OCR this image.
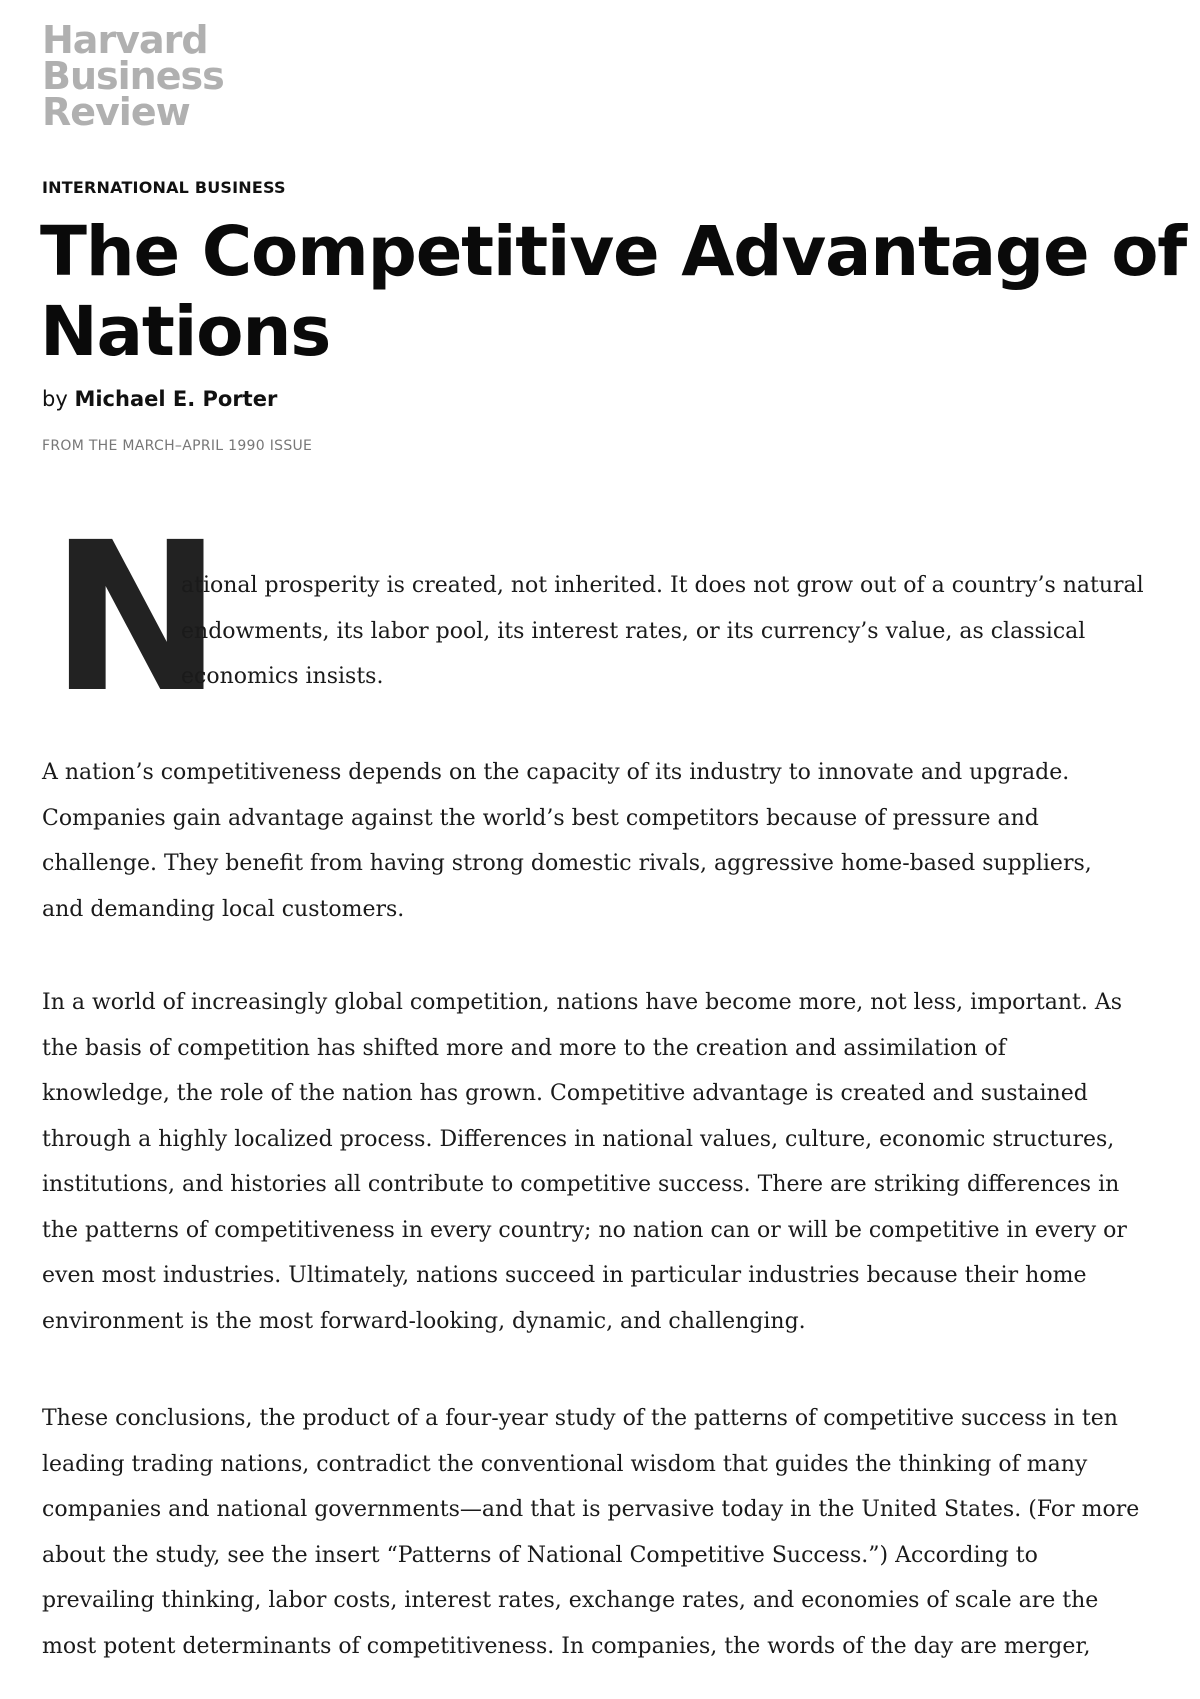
Harvard
Business
Review
INTERNATIONAL BUSINESS
The Competitive Advantage of
Nations
by Michael E. Porter
FROM THE MARCH–APRIL 1990 ISSUE
N

ational prosperity is created, not inherited. It does not grow out of a country’s natural
endowments, its labor pool, its interest rates, or its currency’s value, as classical
economics insists.

A nation’s competitiveness depends on the capacity of its industry to innovate and upgrade.
Companies gain advantage against the world’s best competitors because of pressure and
challenge. They benefit from having strong domestic rivals, aggressive home-based suppliers,
and demanding local customers.

In a world of increasingly global competition, nations have become more, not less, important. As
the basis of competition has shifted more and more to the creation and assimilation of
knowledge, the role of the nation has grown. Competitive advantage is created and sustained
through a highly localized process. Differences in national values, culture, economic structures,
institutions, and histories all contribute to competitive success. There are striking differences in
the patterns of competitiveness in every country; no nation can or will be competitive in every or
even most industries. Ultimately, nations succeed in particular industries because their home
environment is the most forward-looking, dynamic, and challenging.

These conclusions, the product of a four-year study of the patterns of competitive success in ten
leading trading nations, contradict the conventional wisdom that guides the thinking of many
companies and national governments—and that is pervasive today in the United States. (For more
about the study, see the insert “Patterns of National Competitive Success.”) According to
prevailing thinking, labor costs, interest rates, exchange rates, and economies of scale are the
most potent determinants of competitiveness. In companies, the words of the day are merger,
